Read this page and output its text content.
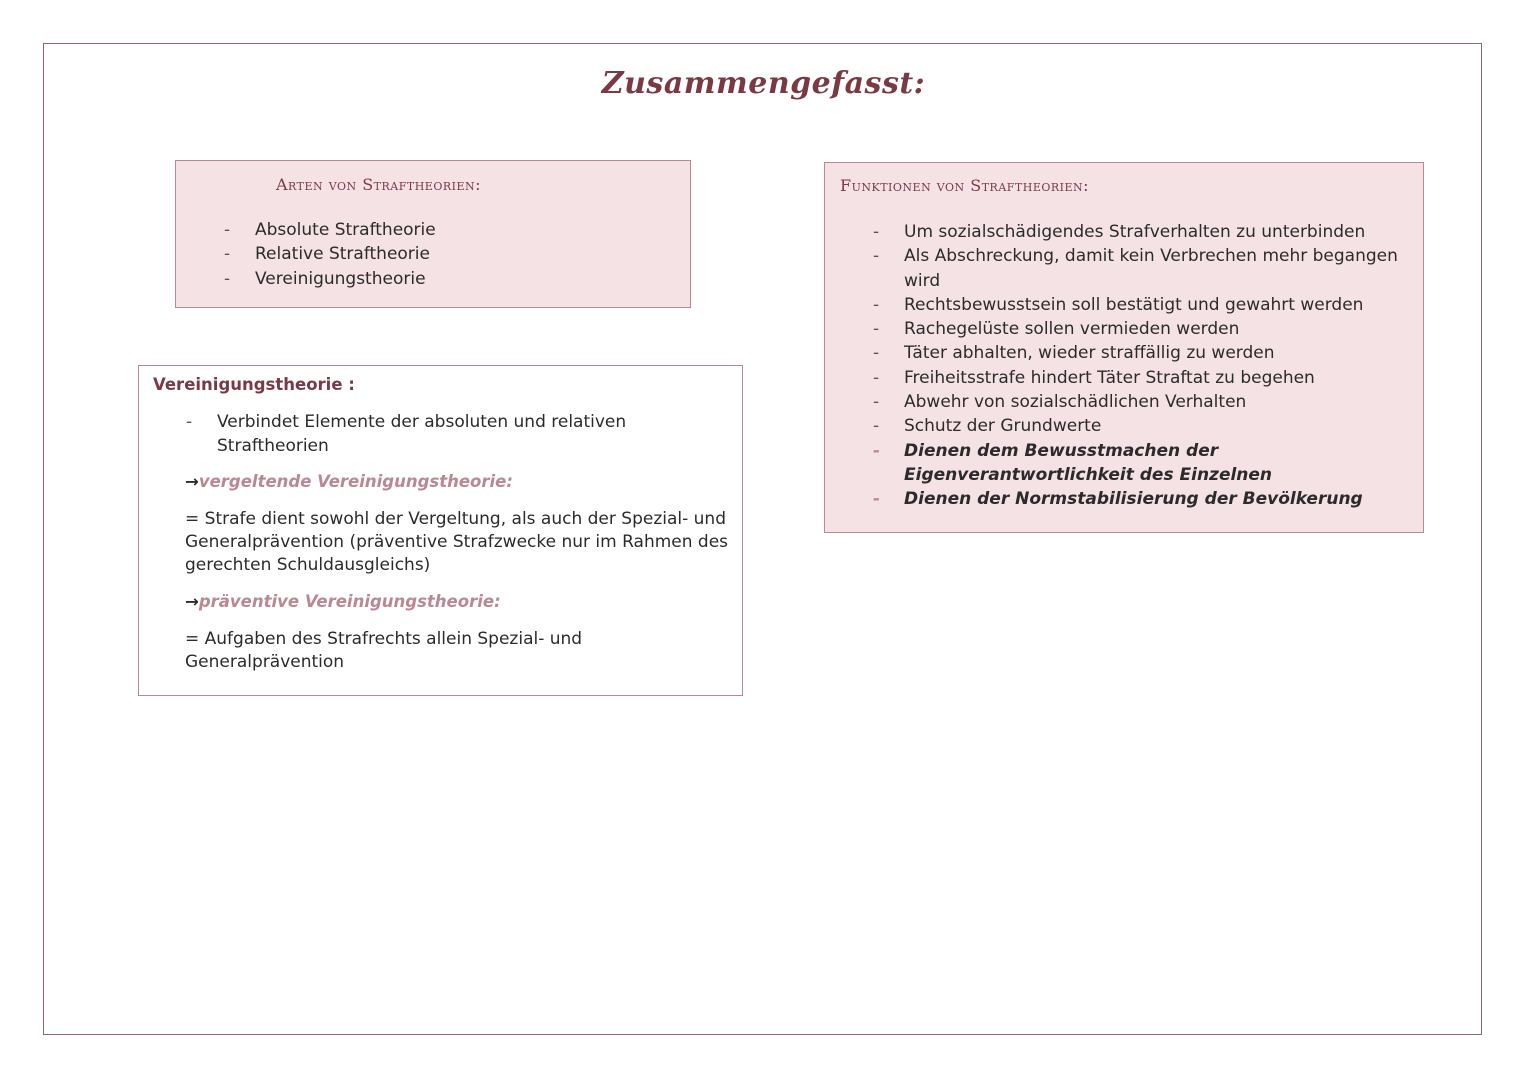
Zusammengefasst:
Arten von Straftheorien:
- Absolute Straftheorie
- Relative Straftheorie
- Vereinigungstheorie
Vereinigungstheorie :
- Verbindet Elemente der absoluten und relativen Straftheorien
→vergeltende Vereinigungstheorie:
= Strafe dient sowohl der Vergeltung, als auch der Spezial- und Generalprävention (präventive Strafzwecke nur im Rahmen des gerechten Schuldausgleichs)
→präventive Vereinigungstheorie:
= Aufgaben des Strafrechts allein Spezial- und Generalprävention
Funktionen von Straftheorien:
- Um sozialschädigendes Strafverhalten zu unterbinden
- Als Abschreckung, damit kein Verbrechen mehr begangen wird
- Rechtsbewusstsein soll bestätigt und gewahrt werden
- Rachegelüste sollen vermieden werden
- Täter abhalten, wieder straffällig zu werden
- Freiheitsstrafe hindert Täter Straftat zu begehen
- Abwehr von sozialschädlichen Verhalten
- Schutz der Grundwerte
- Dienen dem Bewusstmachen der Eigenverantwortlichkeit des Einzelnen
- Dienen der Normstabilisierung der Bevölkerung
